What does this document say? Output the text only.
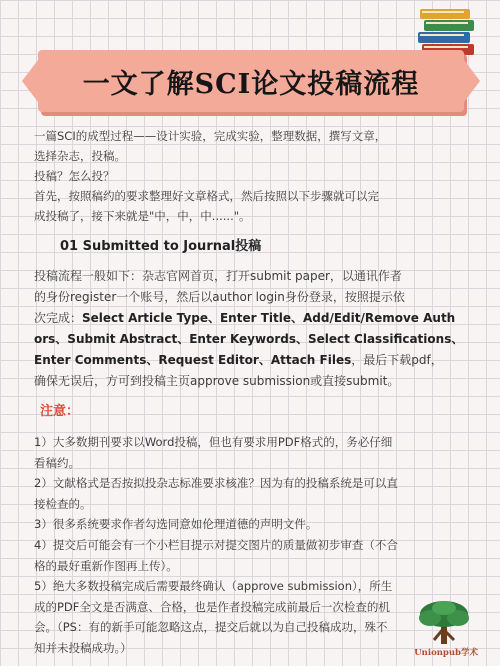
一文了解SCI论文投稿流程
一篇SCI的成型过程——设计实验，完成实验，整理数据，撰写文章，
选择杂志，投稿。
投稿？怎么投？
首先，按照稿约的要求整理好文章格式，然后按照以下步骤就可以完
成投稿了，接下来就是"中，中，中......"。
01 Submitted to Journal投稿
投稿流程一般如下：杂志官网首页，打开submit paper，以通讯作者
的身份register一个账号，然后以author login身份登录，按照提示依
次完成：Select Article Type、Enter Title、Add/Edit/Remove Auth
ors、Submit Abstract、Enter Keywords、Select Classifications、
Enter Comments、Request Editor、Attach Files，最后下载pdf，
确保无误后，方可到投稿主页approve submission或直接submit。
注意：
1）大多数期刊要求以Word投稿，但也有要求用PDF格式的，务必仔细
看稿约。
2）文献格式是否按拟投杂志标准要求核准？因为有的投稿系统是可以直
接检查的。
3）很多系统要求作者勾选同意如伦理道德的声明文件。
4）提交后可能会有一个小栏目提示对提交图片的质量做初步审查（不合
格的最好重新作图再上传）。
5）绝大多数投稿完成后需要最终确认（approve submission），所生
成的PDF全文是否满意、合格，也是作者投稿完成前最后一次检查的机
会。（PS：有的新手可能忽略这点，提交后就以为自己投稿成功，殊不
知并未投稿成功。）	Unionpub学术
